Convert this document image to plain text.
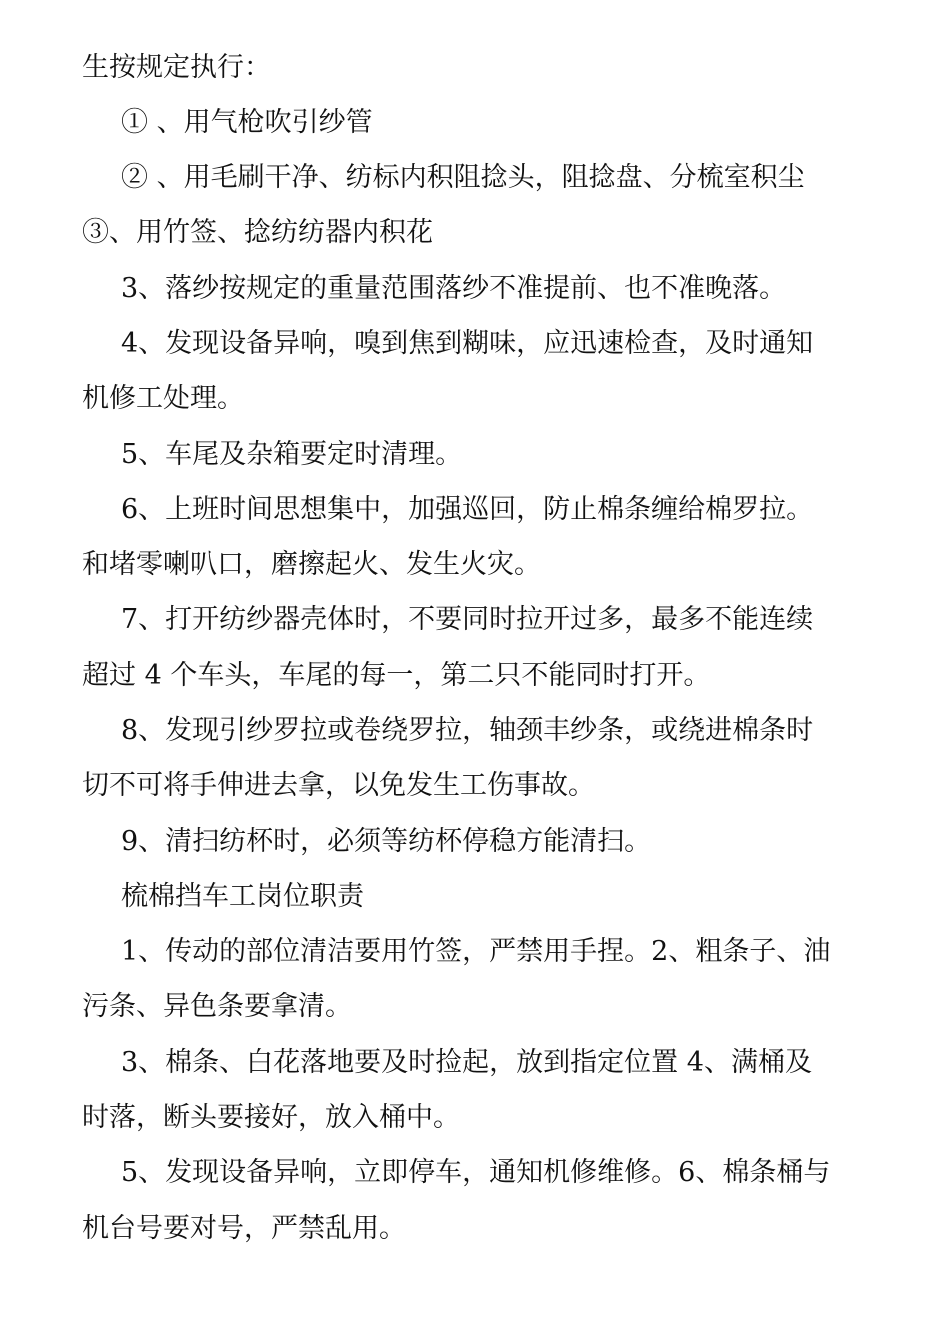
生按规定执行：

① 、用气枪吹引纱管

② 、用毛刷干净、纺标内积阻捻头，阻捻盘、分梳室积尘

③、用竹签、捻纺纺器内积花

3、落纱按规定的重量范围落纱不准提前、也不准晚落。

4、发现设备异响，嗅到焦到糊味，应迅速检查，及时通知

机修工处理。

5、车尾及杂箱要定时清理。

6、上班时间思想集中，加强巡回，防止棉条缠给棉罗拉。

和堵零喇叭口，磨擦起火、发生火灾。

7、打开纺纱器壳体时，不要同时拉开过多，最多不能连续

超过 4 个车头，车尾的每一，第二只不能同时打开。

8、发现引纱罗拉或卷绕罗拉，轴颈丰纱条，或绕进棉条时

切不可将手伸进去拿，以免发生工伤事故。

9、清扫纺杯时，必须等纺杯停稳方能清扫。

梳棉挡车工岗位职责

1、传动的部位清洁要用竹签，严禁用手捏。2、粗条子、油

污条、异色条要拿清。

3、棉条、白花落地要及时捡起，放到指定位置 4、满桶及

时落，断头要接好，放入桶中。

5、发现设备异响，立即停车，通知机修维修。6、棉条桶与

机台号要对号，严禁乱用。
